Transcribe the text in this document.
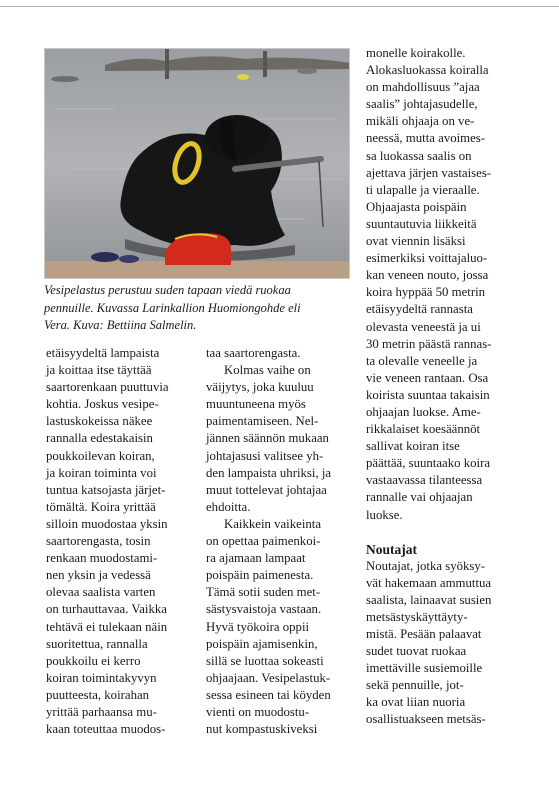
Vesipelastus perustuu suden tapaan viedä ruokaa
pennuille. Kuvassa Larinkallion Huomiongohde eli
Vera. Kuva: Bettiina Salmelin.

etäisyydeltä lampaista
ja koittaa itse täyttää
saartorenkaan puuttuvia
kohtia. Joskus vesipe-
lastuskokeissa näkee
rannalla edestakaisin
poukkoilevan koiran,
ja koiran toiminta voi
tuntua katsojasta järjet-
tömältä. Koira yrittää
silloin muodostaa yksin
saartorengasta, tosin
renkaan muodostami-
nen yksin ja vedessä
olevaa saalista varten
on turhauttavaa. Vaikka
tehtävä ei tulekaan näin
suoritettua, rannalla
poukkoilu ei kerro
koiran toimintakyvyn
puutteesta, koirahan
yrittää parhaansa mu-
kaan toteuttaa muodos-

taa saartorengasta.

Kolmas vaihe on
väijytys, joka kuuluu
muuntuneena myös
paimentamiseen. Nel-
jännen säännön mukaan
johtajasusi valitsee yh-
den lampaista uhriksi, ja
muut tottelevat johtajaa
ehdoitta.

Kaikkein vaikeinta
on opettaa paimenkoi-
ra ajamaan lampaat
poispäin paimenesta.
Tämä sotii suden met-
sästysvaistoja vastaan.
Hyvä työkoira oppii
poispäin ajamisenkin,
sillä se luottaa sokeasti
ohjaajaan. Vesipelastuk-
sessa esineen tai köyden
vienti on muodostu-
nut kompastuskiveksi

monelle koirakolle.
Alokasluokassa koiralla
on mahdollisuus ”ajaa
saalis” johtajasudelle,
mikäli ohjaaja on ve-
neessä, mutta avoimes-
sa luokassa saalis on
ajettava järjen vastaises-
ti ulapalle ja vieraalle.
Ohjaajasta poispäin
suuntautuvia liikkeitä
ovat viennin lisäksi
esimerkiksi voittajaluo-
kan veneen nouto, jossa
koira hyppää 50 metrin
etäisyydeltä rannasta
olevasta veneestä ja ui
30 metrin päästä rannas-
ta olevalle veneelle ja
vie veneen rantaan. Osa
koirista suuntaa takaisin
ohjaajan luokse. Ame-
rikkalaiset koesäännöt
sallivat koiran itse
päättää, suuntaako koira
vastaavassa tilanteessa
rannalle vai ohjaajan
luokse.

Noutajat

Noutajat, jotka syöksy-
vät hakemaan ammuttua
saalista, lainaavat susien
metsästyskäyttäyty-
mistä. Pesään palaavat
sudet tuovat ruokaa
imettäville susiemoille
sekä pennuille, jot-
ka ovat liian nuoria
osallistuakseen metsäs-
